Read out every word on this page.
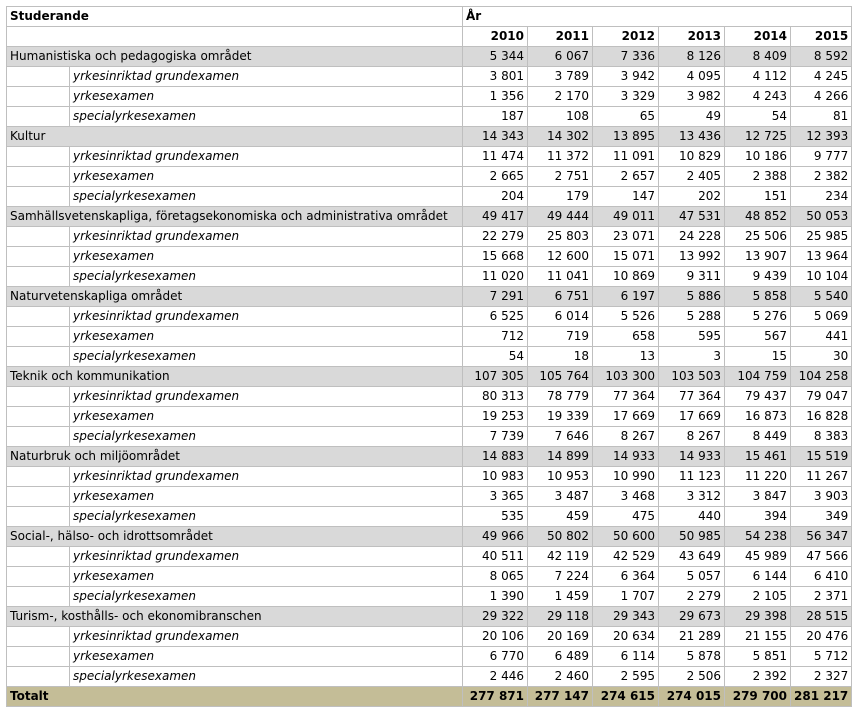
Studerande		År					
		2010	2011	2012	2013	2014	2015
Humanistiska och pedagogiska området		5 344	6 067	7 336	8 126	8 409	8 592
	yrkesinriktad grundexamen	3 801	3 789	3 942	4 095	4 112	4 245
	yrkesexamen	1 356	2 170	3 329	3 982	4 243	4 266
	specialyrkesexamen	187	108	65	49	54	81
Kultur		14 343	14 302	13 895	13 436	12 725	12 393
	yrkesinriktad grundexamen	11 474	11 372	11 091	10 829	10 186	9 777
	yrkesexamen	2 665	2 751	2 657	2 405	2 388	2 382
	specialyrkesexamen	204	179	147	202	151	234
Samhällsvetenskapliga, företagsekonomiska och administrativa området		49 417	49 444	49 011	47 531	48 852	50 053
	yrkesinriktad grundexamen	22 279	25 803	23 071	24 228	25 506	25 985
	yrkesexamen	15 668	12 600	15 071	13 992	13 907	13 964
	specialyrkesexamen	11 020	11 041	10 869	9 311	9 439	10 104
Naturvetenskapliga området		7 291	6 751	6 197	5 886	5 858	5 540
	yrkesinriktad grundexamen	6 525	6 014	5 526	5 288	5 276	5 069
	yrkesexamen	712	719	658	595	567	441
	specialyrkesexamen	54	18	13	3	15	30
Teknik och kommunikation		107 305	105 764	103 300	103 503	104 759	104 258
	yrkesinriktad grundexamen	80 313	78 779	77 364	77 364	79 437	79 047
	yrkesexamen	19 253	19 339	17 669	17 669	16 873	16 828
	specialyrkesexamen	7 739	7 646	8 267	8 267	8 449	8 383
Naturbruk och miljöområdet		14 883	14 899	14 933	14 933	15 461	15 519
	yrkesinriktad grundexamen	10 983	10 953	10 990	11 123	11 220	11 267
	yrkesexamen	3 365	3 487	3 468	3 312	3 847	3 903
	specialyrkesexamen	535	459	475	440	394	349
Social-, hälso- och idrottsområdet		49 966	50 802	50 600	50 985	54 238	56 347
	yrkesinriktad grundexamen	40 511	42 119	42 529	43 649	45 989	47 566
	yrkesexamen	8 065	7 224	6 364	5 057	6 144	6 410
	specialyrkesexamen	1 390	1 459	1 707	2 279	2 105	2 371
Turism-, kosthålls- och ekonomibranschen		29 322	29 118	29 343	29 673	29 398	28 515
	yrkesinriktad grundexamen	20 106	20 169	20 634	21 289	21 155	20 476
	yrkesexamen	6 770	6 489	6 114	5 878	5 851	5 712
	specialyrkesexamen	2 446	2 460	2 595	2 506	2 392	2 327
Totalt		277 871	277 147	274 615	274 015	279 700	281 217
